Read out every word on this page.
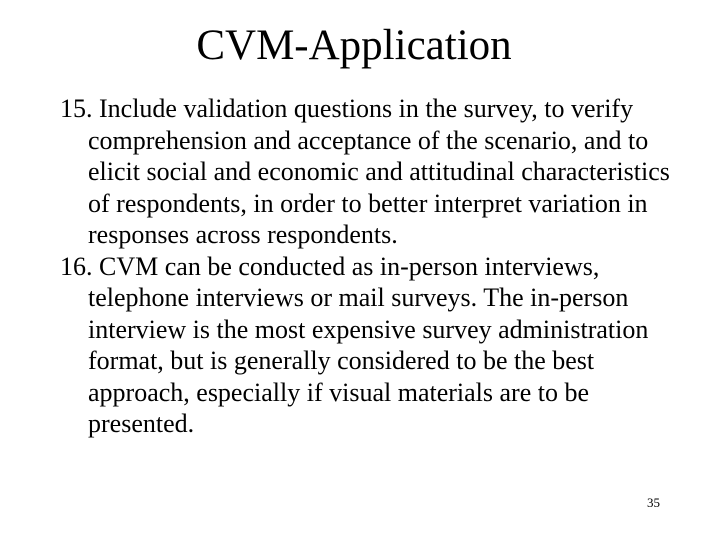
CVM-Application
15. Include validation questions in the survey, to verify comprehension and acceptance of the scenario, and to elicit social and economic and attitudinal characteristics of respondents, in order to better interpret variation in responses across respondents.
16. CVM can be conducted as in-person interviews, telephone interviews or mail surveys. The in-person interview is the most expensive survey administration format, but is generally considered to be the best approach, especially if visual materials are to be presented.
35
